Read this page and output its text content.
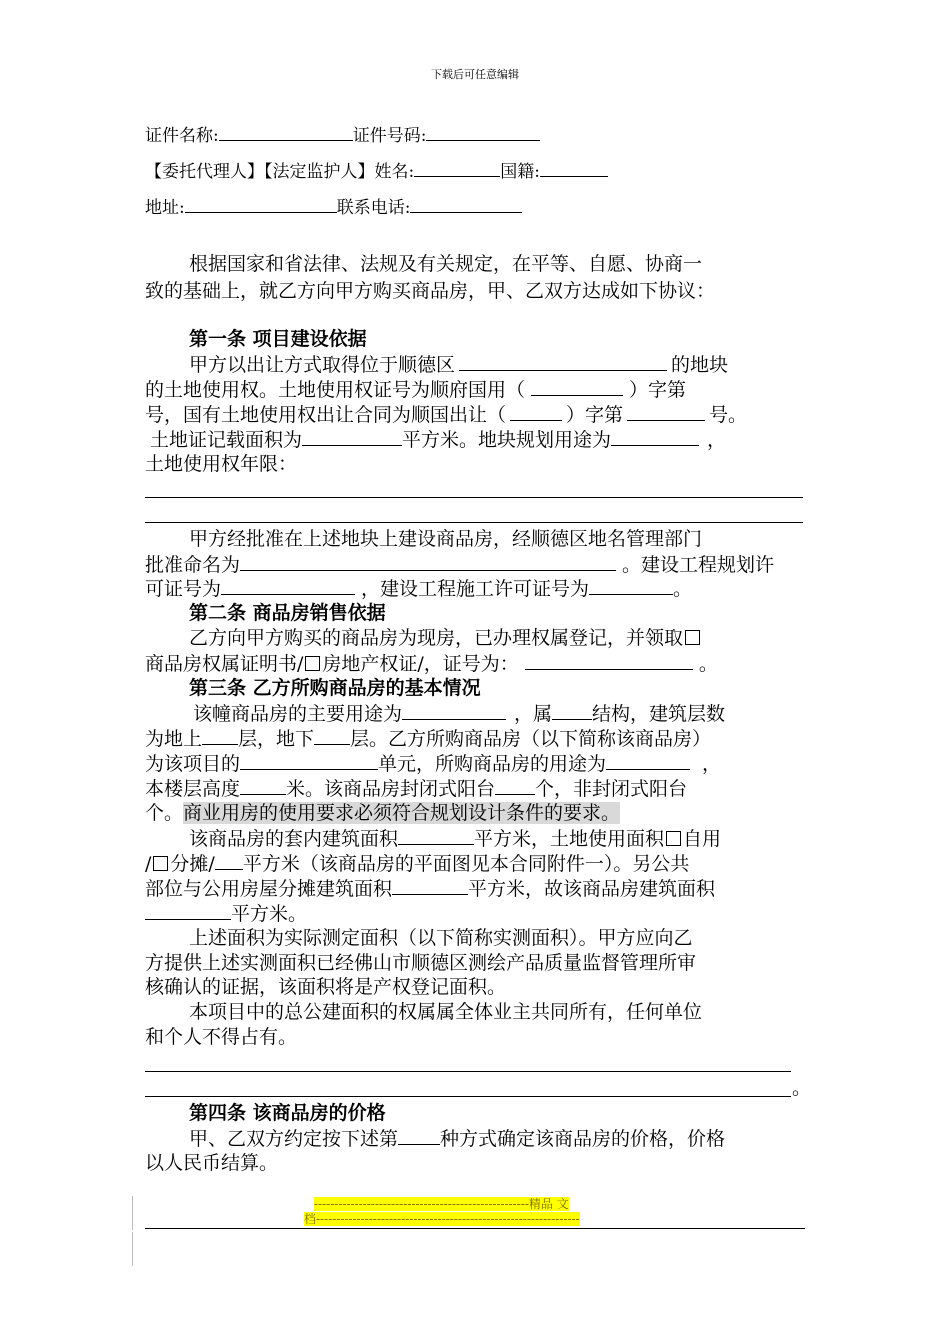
下载后可任意编辑
证件名称:	证件号码:
【委托代理人】【法定监护人】姓名:	国籍:
地址:	联系电话:
根据国家和省法律、法规及有关规定，在平等、自愿、协商一
致的基础上，就乙方向甲方购买商品房，甲、乙双方达成如下协议：
第一条 项目建设依据
甲方以出让方式取得位于顺德区	的地块
的土地使用权。土地使用权证号为顺府国用（	）字第
号，国有土地使用权出让合同为顺国出让（	）字第	号。
土地证记载面积为	平方米。地块规划用途为	，
土地使用权年限：
甲方经批准在上述地块上建设商品房，经顺德区地名管理部门
批准命名为	。建设工程规划许
可证号为	，建设工程施工许可证号为	。
第二条 商品房销售依据
乙方向甲方购买的商品房为现房，已办理权属登记，并领取
商品房权属证明书/ 房地产权证/，证号为：	。
第三条 乙方所购商品房的基本情况
该幢商品房的主要用途为	，属 结构，建筑层数
为地上 层，地下 层。乙方所购商品房（以下简称该商品房）
为该项目的	单元，所购商品房的用途为	，
本楼层高度 米。该商品房封闭式阳台 个，非封闭式阳台
个。商业用房的使用要求必须符合规划设计条件的要求。
该商品房的套内建筑面积	平方米，土地使用面积 自用
/ 分摊/ 平方米（该商品房的平面图见本合同附件一）。另公共
部位与公用房屋分摊建筑面积	平方米，故该商品房建筑面积
平方米。
上述面积为实际测定面积（以下简称实测面积）。甲方应向乙
方提供上述实测面积已经佛山市顺德区测绘产品质量监督管理所审
核确认的证据，该面积将是产权登记面积。
本项目中的总公建面积的权属属全体业主共同所有，任何单位
和个人不得占有。
。
第四条 该商品房的价格
甲、乙双方约定按下述第 种方式确定该商品房的价格，价格
以人民币结算。
-----------------------------------------------------精品 文
档-----------------------------------------------------------------
